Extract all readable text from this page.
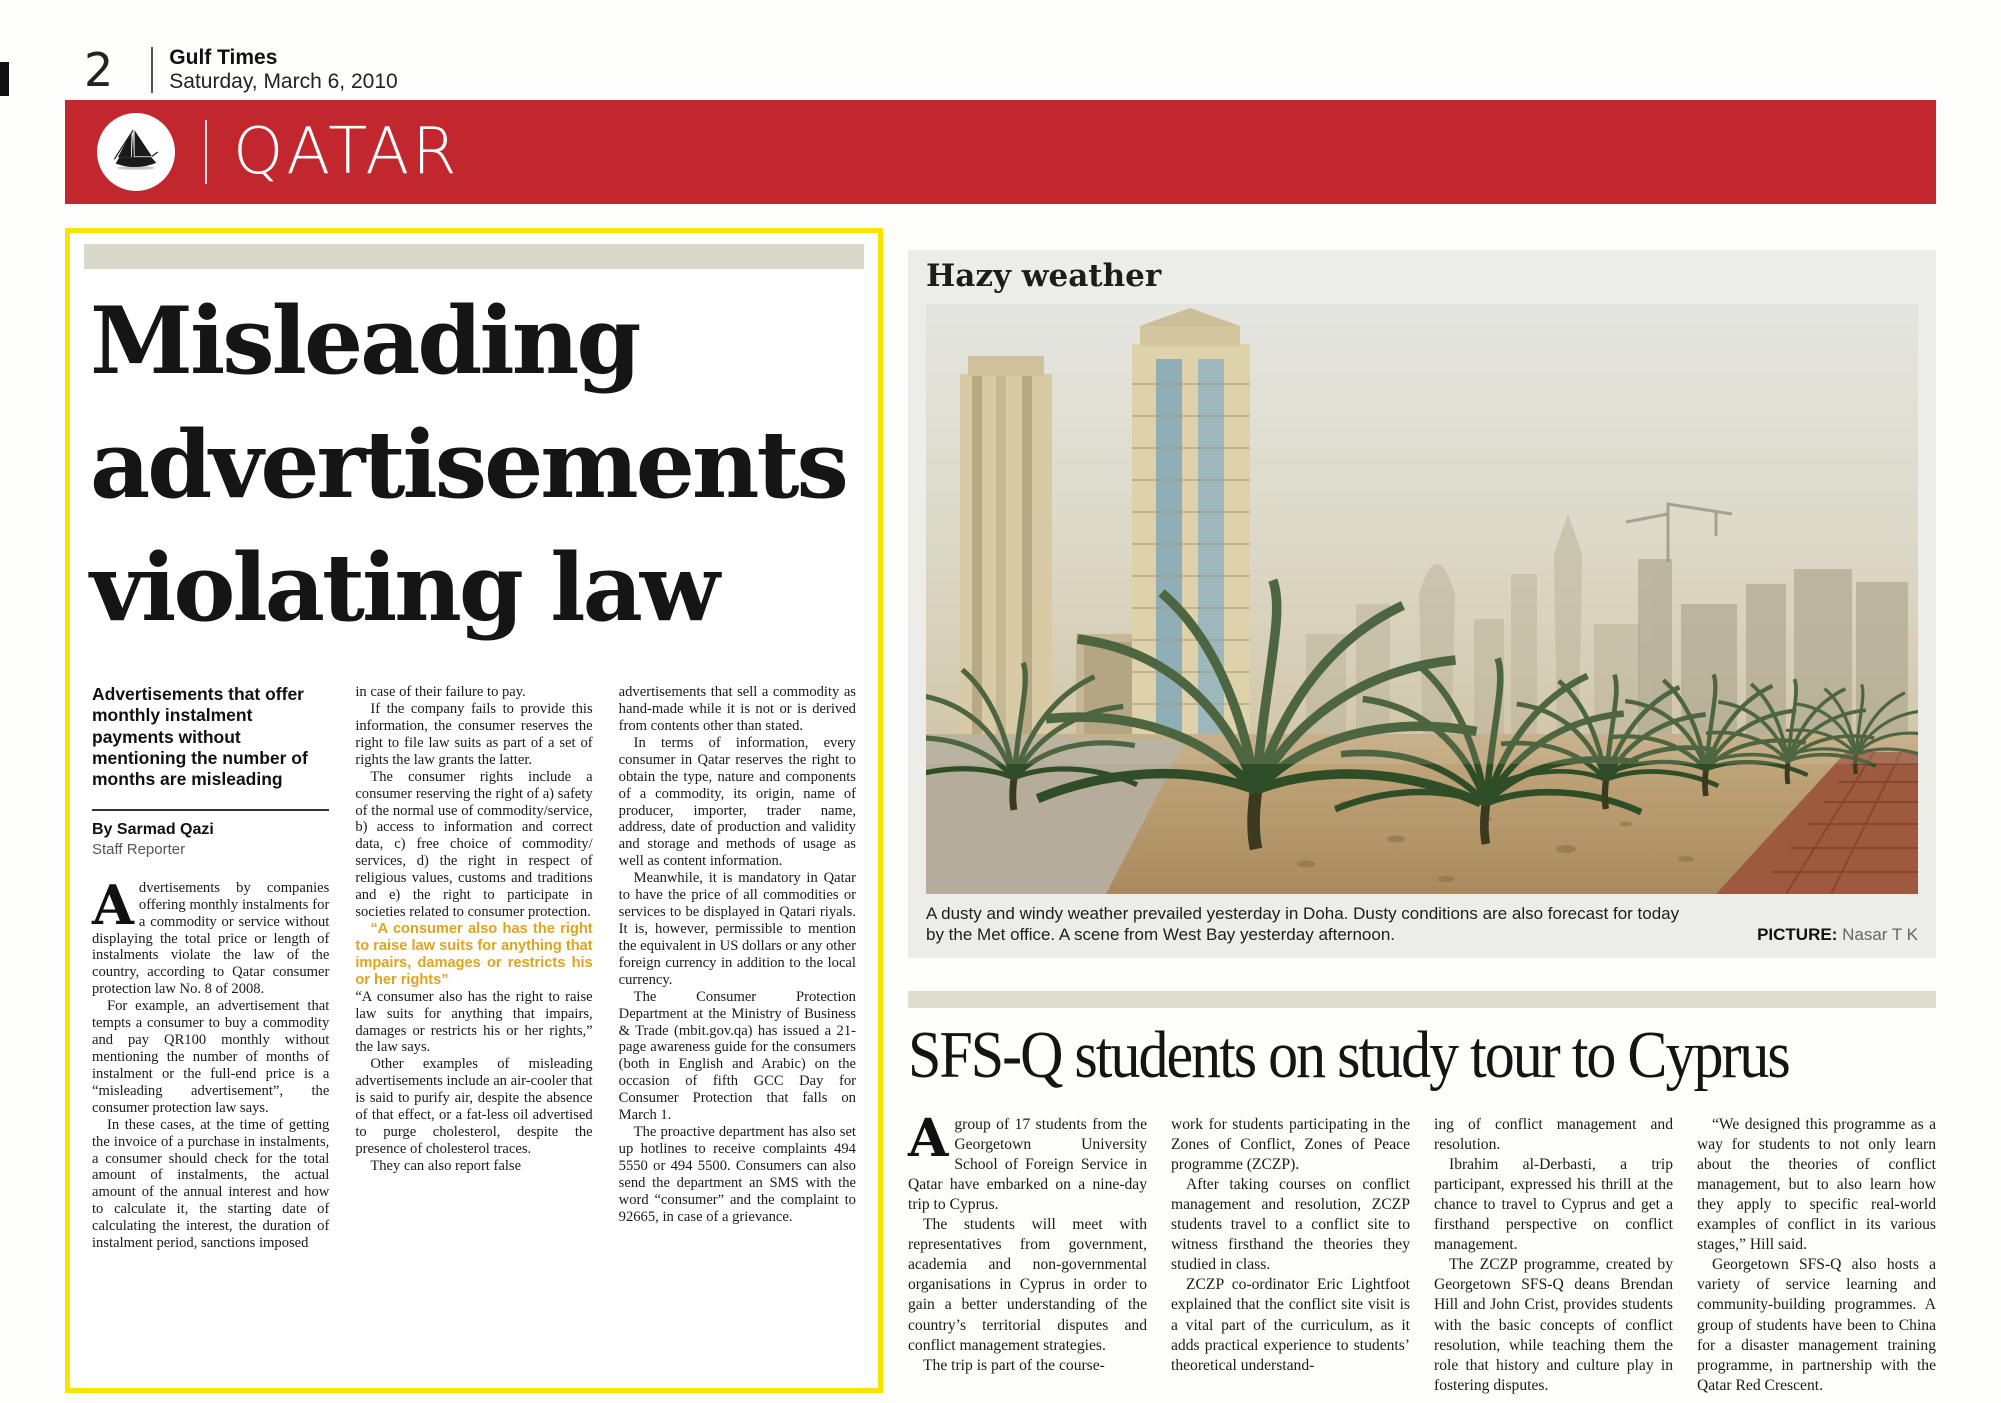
2	Gulf Times
Saturday, March 6, 2010
QATAR
Misleading advertisements violating law

Advertisements that offer monthly instalment payments without mentioning the number of months are misleading

By Sarmad Qazi

Staff Reporter

Advertisements by companies offering monthly instalments for a commodity or service without displaying the total price or length of instalments violate the law of the country, according to Qatar consumer protection law No. 8 of 2008.

For example, an advertisement that tempts a consumer to buy a commodity and pay QR100 monthly without mentioning the number of months of instalment or the full-end price is a “misleading advertisement”, the consumer protection law says.

In these cases, at the time of getting the invoice of a purchase in instalments, a consumer should check for the total amount of instalments, the actual amount of the annual interest and how to calculate it, the starting date of calculating the interest, the duration of instalment period, sanctions imposed

in case of their failure to pay.

If the company fails to provide this information, the consumer reserves the right to file law suits as part of a set of rights the law grants the latter.

The consumer rights include a consumer reserving the right of a) safety of the normal use of commodity/service, b) access to information and correct data, c) free choice of commodity/ services, d) the right in respect of religious values, customs and traditions and e) the right to participate in societies related to consumer protection.

“A consumer also has the right to raise law suits for anything that impairs, damages or restricts his or her rights”

“A consumer also has the right to raise law suits for anything that impairs, damages or restricts his or her rights,” the law says.

Other examples of misleading advertisements include an air-cooler that is said to purify air, despite the absence of that effect, or a fat-less oil advertised to purge cholesterol, despite the presence of cholesterol traces.

They can also report false

advertisements that sell a commodity as hand-made while it is not or is derived from contents other than stated.

In terms of information, every consumer in Qatar reserves the right to obtain the type, nature and components of a commodity, its origin, name of producer, importer, trader name, address, date of production and validity and storage and methods of usage as well as content information.

Meanwhile, it is mandatory in Qatar to have the price of all commodities or services to be displayed in Qatari riyals. It is, however, permissible to mention the equivalent in US dollars or any other foreign currency in addition to the local currency.

The Consumer Protection Department at the Ministry of Business & Trade (mbit.gov.qa) has issued a 21-page awareness guide for the consumers (both in English and Arabic) on the occasion of fifth GCC Day for Consumer Protection that falls on March 1.

The proactive department has also set up hotlines to receive complaints 494 5550 or 494 5500. Consumers can also send the department an SMS with the word “consumer” and the complaint to 92665, in case of a grievance.

Hazy weather
A dusty and windy weather prevailed yesterday in Doha. Dusty conditions are also forecast for today by the Met office. A scene from West Bay yesterday afternoon.	PICTURE: Nasar T K
SFS-Q students on study tour to Cyprus

Agroup of 17 students from the Georgetown University School of Foreign Service in Qatar have embarked on a nine-day trip to Cyprus.

The students will meet with representatives from government, academia and non-governmental organisations in Cyprus in order to gain a better understanding of the country’s territorial disputes and conflict management strategies.

The trip is part of the course-

work for students participating in the Zones of Conflict, Zones of Peace programme (ZCZP).

After taking courses on conflict management and resolution, ZCZP students travel to a conflict site to witness firsthand the theories they studied in class.

ZCZP co-ordinator Eric Lightfoot explained that the conflict site visit is a vital part of the curriculum, as it adds practical experience to students’ theoretical understand-

ing of conflict management and resolution.

Ibrahim al-Derbasti, a trip participant, expressed his thrill at the chance to travel to Cyprus and get a firsthand perspective on conflict management.

The ZCZP programme, created by Georgetown SFS-Q deans Brendan Hill and John Crist, provides students with the basic concepts of conflict resolution, while teaching them the role that history and culture play in fostering disputes.

“We designed this programme as a way for students to not only learn about the theories of conflict management, but to also learn how they apply to specific real-world examples of conflict in its various stages,” Hill said.

Georgetown SFS-Q also hosts a variety of service learning and community-building programmes. A group of students have been to China for a disaster management training programme, in partnership with the Qatar Red Crescent.
